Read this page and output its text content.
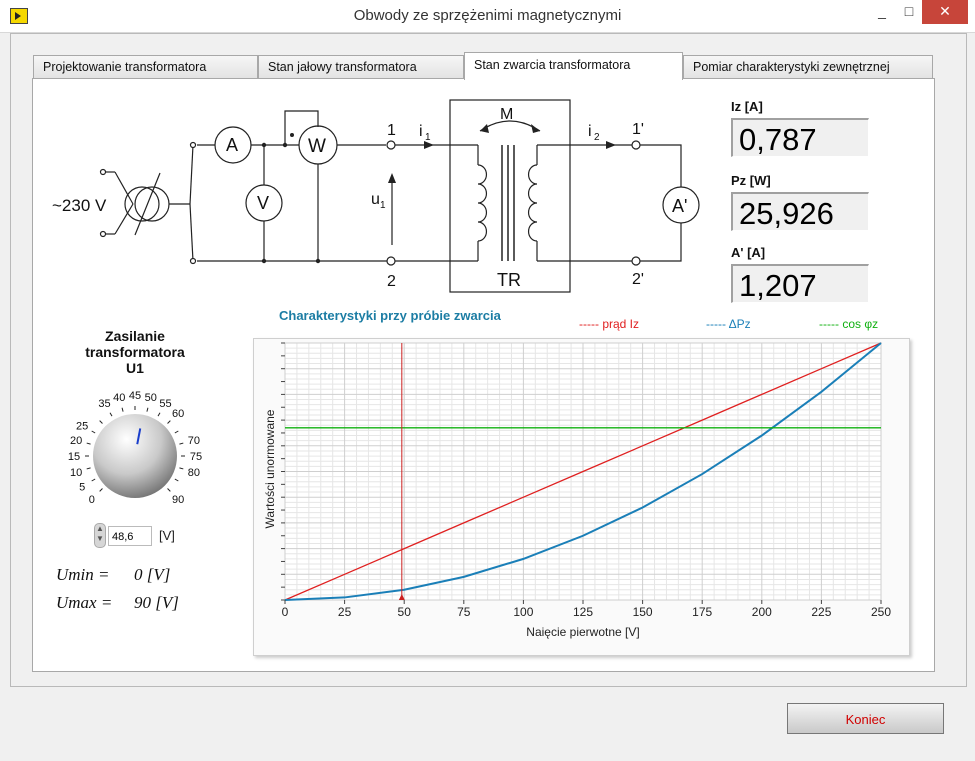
Obwody ze sprzężenimi magnetycznymi	_	□	✕
Projektowanie transformatora	Stan jałowy transformatora	Stan zwarcia transformatora	Pomiar charakterystyki zewnętrznej
~230 V
A
V
W
A'
1
2
1'
2'
i 1	i 2
u 1
M
TR
Iz [A]
0,787
Pz [W]
25,926
A' [A]
1,207
Zasilanie
transformatora
U1
0
5
10
15
20
25
35
40 45 50
55
60
70
75
80
90
▲
▼ 48,6	[V]
Umin = 0 [V]
Umax = 90 [V]
Charakterystyki przy próbie zwarcia
----- prąd Iz	----- ΔPz	----- cos φz
0	25	50	75	100	125	150	175	200	225	250
Wartości unormowane
Naięcie pierwotne [V]
Koniec
